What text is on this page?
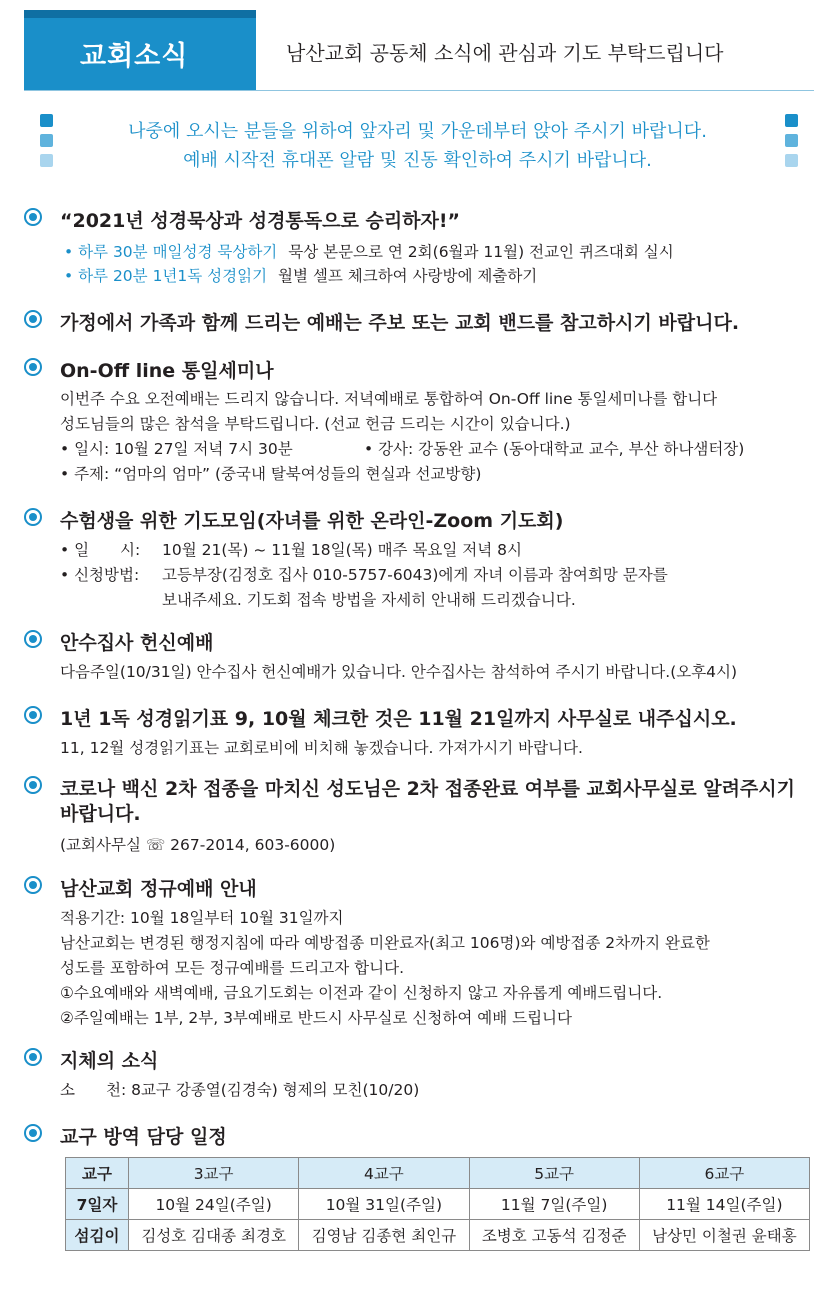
교회소식	남산교회 공동체 소식에 관심과 기도 부탁드립니다
나중에 오시는 분들을 위하여 앞자리 및 가운데부터 앉아 주시기 바랍니다.
예배 시작전 휴대폰 알람 및 진동 확인하여 주시기 바랍니다.
“2021년 성경묵상과 성경통독으로 승리하자!”
• 하루 30분 매일성경 묵상하기 묵상 본문으로 연 2회(6월과 11월) 전교인 퀴즈대회 실시
• 하루 20분 1년1독 성경읽기 월별 셀프 체크하여 사랑방에 제출하기
가정에서 가족과 함께 드리는 예배는 주보 또는 교회 밴드를 참고하시기 바랍니다.
On-Off line 통일세미나
이번주 수요 오전예배는 드리지 않습니다. 저녁예배로 통합하여 On-Off line 통일세미나를 합니다
성도님들의 많은 참석을 부탁드립니다. (선교 헌금 드리는 시간이 있습니다.)
• 일시: 10월 27일 저녁 7시 30분	• 강사: 강동완 교수 (동아대학교 교수, 부산 하나샘터장)
• 주제: “엄마의 엄마” (중국내 탈북여성들의 현실과 선교방향)
수험생을 위한 기도모임(자녀를 위한 온라인-Zoom 기도회)
• 일　　시: 10월 21(목) ~ 11월 18일(목) 매주 목요일 저녁 8시
• 신청방법: 고등부장(김정호 집사 010-5757-6043)에게 자녀 이름과 참여희망 문자를
보내주세요. 기도회 접속 방법을 자세히 안내해 드리겠습니다.
안수집사 헌신예배
다음주일(10/31일) 안수집사 헌신예배가 있습니다. 안수집사는 참석하여 주시기 바랍니다.(오후4시)
1년 1독 성경읽기표 9, 10월 체크한 것은 11월 21일까지 사무실로 내주십시오.
11, 12월 성경읽기표는 교회로비에 비치해 놓겠습니다. 가져가시기 바랍니다.
코로나 백신 2차 접종을 마치신 성도님은 2차 접종완료 여부를 교회사무실로 알려주시기
바랍니다.
(교회사무실 ☏ 267-2014, 603-6000)
남산교회 정규예배 안내
적용기간: 10월 18일부터 10월 31일까지
남산교회는 변경된 행정지침에 따라 예방접종 미완료자(최고 106명)와 예방접종 2차까지 완료한
성도를 포함하여 모든 정규예배를 드리고자 합니다.
①수요예배와 새벽예배, 금요기도회는 이전과 같이 신청하지 않고 자유롭게 예배드립니다.
②주일예배는 1부, 2부, 3부예배로 반드시 사무실로 신청하여 예배 드립니다
지체의 소식
소　　천: 8교구 강종열(김경숙) 형제의 모친(10/20)
교구 방역 담당 일정
교구	3교구	4교구	5교구	6교구
7일자	10월 24일(주일)	10월 31일(주일)	11월 7일(주일)	11월 14일(주일)
섬김이	김성호 김대종 최경호	김영남 김종현 최인규	조병호 고동석 김정준	남상민 이철권 윤태홍
